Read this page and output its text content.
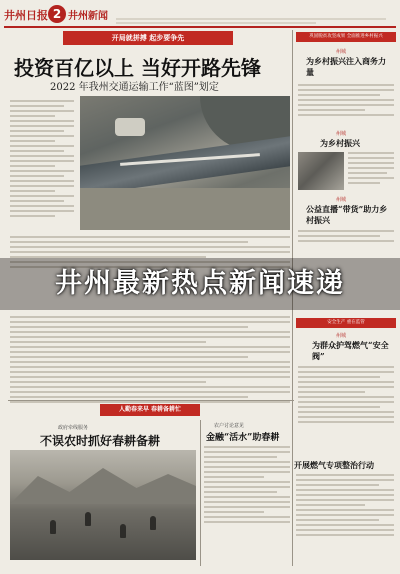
井州日报 2 井州新闻
开局就拼搏 起步要争先
投资百亿以上 当好开路先锋
2022 年我州交通运输工作“蓝图”划定
巩固脱贫攻坚成果 全面推进乡村振兴
州城
为乡村振兴注入商务力量
州城
为乡村振兴
州城
公益直播“带货”助力乡村振兴
安全生产 重在监管
州城
为群众护驾燃气“安全阀”
人勤春来早 春耕备耕忙
政府牵线服务
不误农时抓好春耕备耕
农户讨论意见
金融“活水”助春耕
开展燃气专项整治行动
井州最新热点新闻速递
